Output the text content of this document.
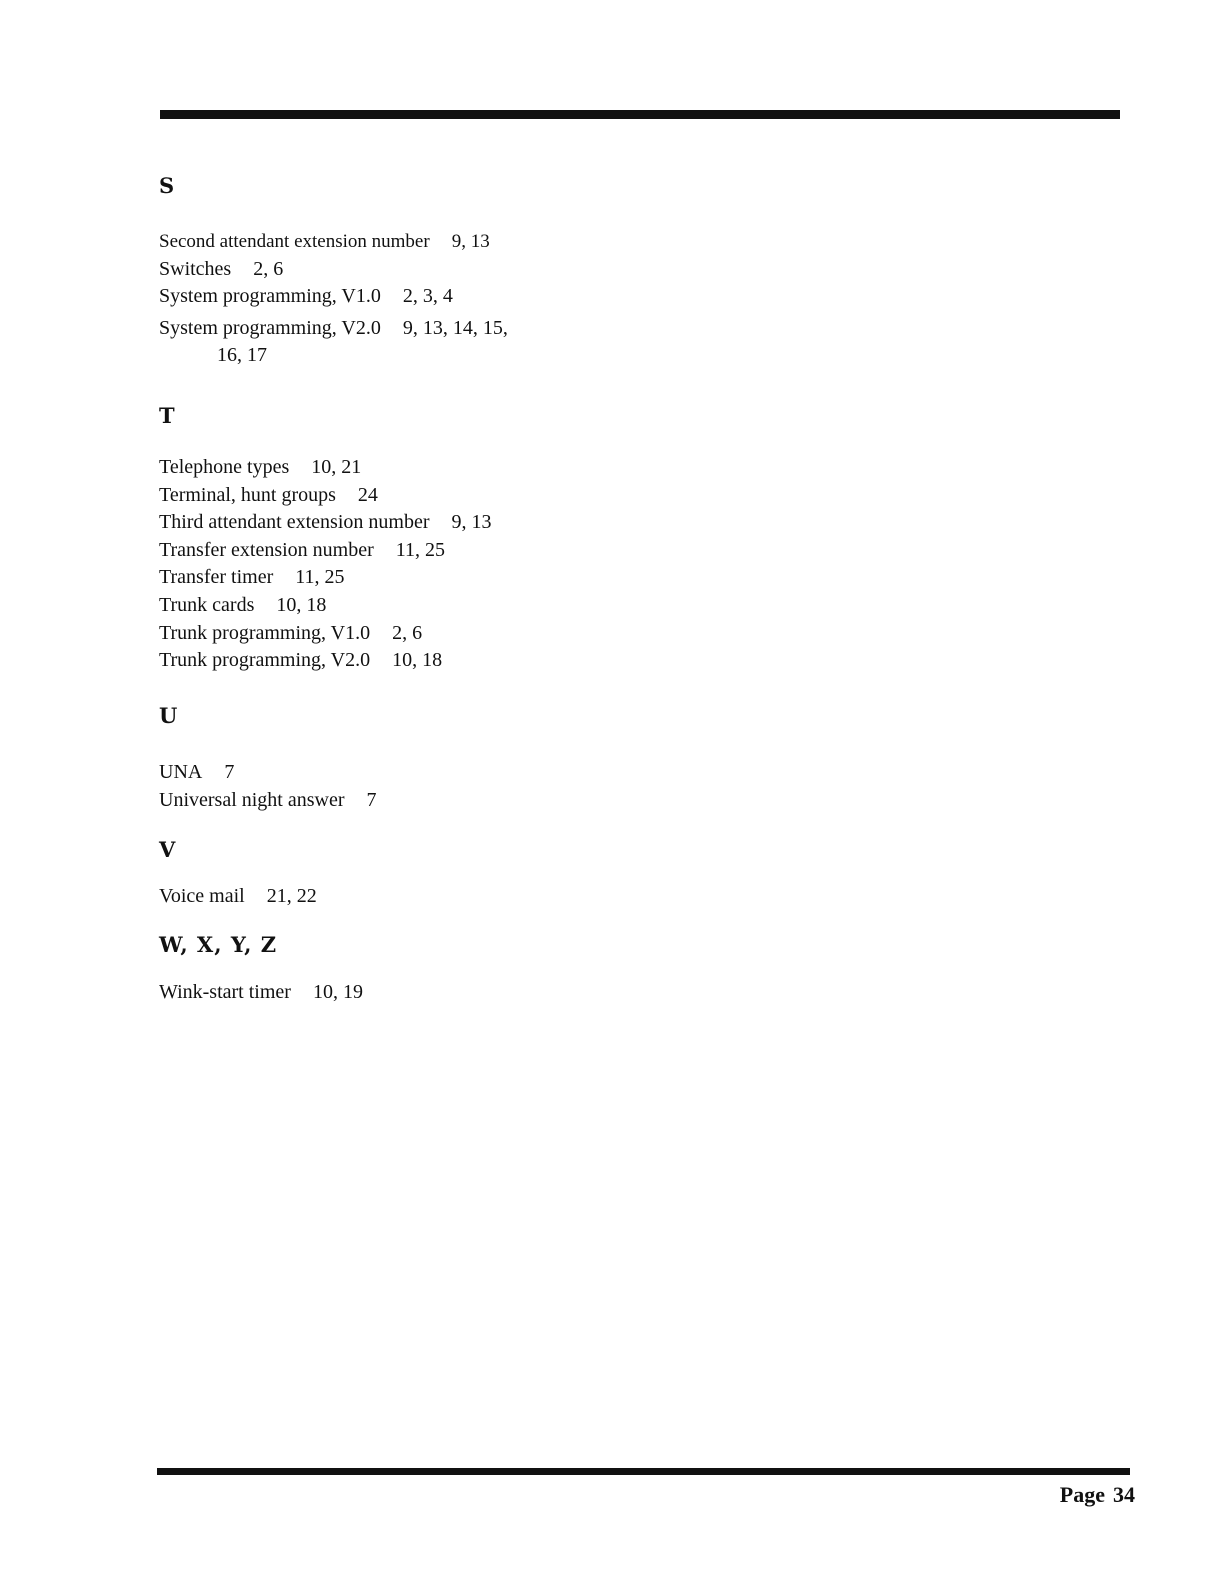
S
Second attendant extension number 9, 13
Switches 2, 6
System programming, V1.0 2, 3, 4
System programming, V2.0 9, 13, 14, 15,
16, 17
T
Telephone types 10, 21
Terminal, hunt groups 24
Third attendant extension number 9, 13
Transfer extension number 11, 25
Transfer timer 11, 25
Trunk cards 10, 18
Trunk programming, V1.0 2, 6
Trunk programming, V2.0 10, 18
U
UNA 7
Universal night answer 7
V
Voice mail 21, 22
W, X, Y, Z
Wink-start timer 10, 19
Page 34
